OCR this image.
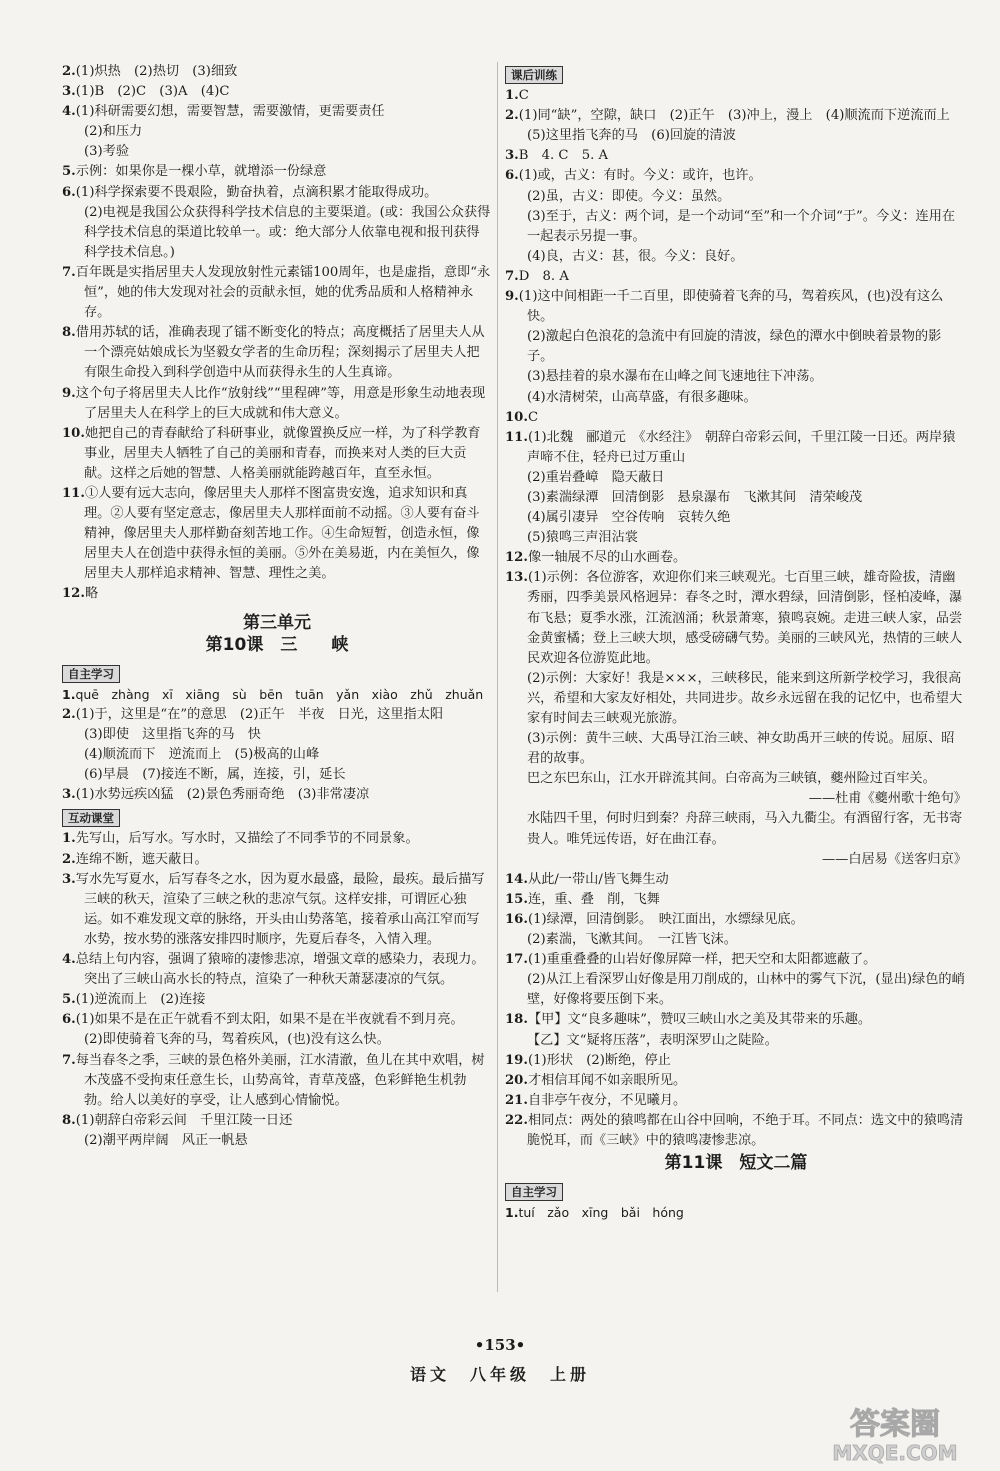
2.(1)炽热　(2)热切　(3)细致

3.(1)B　(2)C　(3)A　(4)C

4.(1)科研需要幻想，需要智慧，需要激情，更需要责任

(2)和压力

(3)考验

5.示例：如果你是一棵小草，就增添一份绿意

6.(1)科学探索要不畏艰险，勤奋执着，点滴积累才能取得成功。

(2)电视是我国公众获得科学技术信息的主要渠道。(或：我国公众获得科学技术信息的渠道比较单一。或：绝大部分人依靠电视和报刊获得科学技术信息。)

7.百年既是实指居里夫人发现放射性元素镭100周年，也是虚指，意即“永恒”，她的伟大发现对社会的贡献永恒，她的优秀品质和人格精神永存。

8.借用苏轼的话，准确表现了镭不断变化的特点；高度概括了居里夫人从一个漂亮姑娘成长为坚毅女学者的生命历程；深刻揭示了居里夫人把有限生命投入到科学创造中从而获得永生的人生真谛。

9.这个句子将居里夫人比作“放射线”“里程碑”等，用意是形象生动地表现了居里夫人在科学上的巨大成就和伟大意义。

10.她把自己的青春献给了科研事业，就像置换反应一样，为了科学教育事业，居里夫人牺牲了自己的美丽和青春，而换来对人类的巨大贡献。这样之后她的智慧、人格美丽就能跨越百年，直至永恒。

11.①人要有远大志向，像居里夫人那样不图富贵安逸，追求知识和真理。②人要有坚定意志，像居里夫人那样面前不动摇。③人要有奋斗精神，像居里夫人那样勤奋刻苦地工作。④生命短暂，创造永恒，像居里夫人在创造中获得永恒的美丽。⑤外在美易逝，内在美恒久，像居里夫人那样追求精神、智慧、理性之美。

12.略

第三单元
第10课　三　　峡
自主学习

1.quē　zhàng　xī　xiāng　sù　bēn　tuān　yǎn　xiào　zhǔ　zhuǎn

2.(1)于，这里是“在”的意思　(2)正午　半夜　日光，这里指太阳

(3)即使　这里指飞奔的马　快

(4)顺流而下　逆流而上　(5)极高的山峰

(6)早晨　(7)接连不断，属，连接，引，延长

3.(1)水势远疾凶猛　(2)景色秀丽奇绝　(3)非常凄凉

互动课堂

1.先写山，后写水。写水时，又描绘了不同季节的不同景象。

2.连绵不断，遮天蔽日。

3.写水先写夏水，后写春冬之水，因为夏水最盛，最险，最疾。最后描写三峡的秋天，渲染了三峡之秋的悲凉气氛。这样安排，可谓匠心独运。如不难发现文章的脉络，开头由山势落笔，接着承山高江窄而写水势，按水势的涨落安排四时顺序，先夏后春冬，入情入理。

4.总结上句内容，强调了猿啼的凄惨悲凉，增强文章的感染力，表现力。突出了三峡山高水长的特点，渲染了一种秋天萧瑟凄凉的气氛。

5.(1)逆流而上　(2)连接

6.(1)如果不是在正午就看不到太阳，如果不是在半夜就看不到月亮。

(2)即使骑着飞奔的马，驾着疾风，(也)没有这么快。

7.每当春冬之季，三峡的景色格外美丽，江水清澈，鱼儿在其中欢唱，树木茂盛不受拘束任意生长，山势高耸，青草茂盛，色彩鲜艳生机勃勃。给人以美好的享受，让人感到心情愉悦。

8.(1)朝辞白帝彩云间　千里江陵一日还

(2)潮平两岸阔　风正一帆悬

课后训练

1.C

2.(1)同“缺”，空隙，缺口　(2)正午　(3)冲上，漫上　(4)顺流而下逆流而上　(5)这里指飞奔的马　(6)回旋的清波

3.B　4. C　5. A

6.(1)或，古义：有时。今义：或许，也许。

(2)虽，古义：即使。今义：虽然。

(3)至于，古义：两个词，是一个动词“至”和一个介词“于”。今义：连用在一起表示另提一事。

(4)良，古义：甚，很。今义：良好。

7.D　8. A

9.(1)这中间相距一千二百里，即使骑着飞奔的马，驾着疾风，(也)没有这么快。

(2)激起白色浪花的急流中有回旋的清波，绿色的潭水中倒映着景物的影子。

(3)悬挂着的泉水瀑布在山峰之间飞速地往下冲荡。

(4)水清树荣，山高草盛，有很多趣味。

10.C

11.(1)北魏　郦道元　《水经注》　朝辞白帝彩云间，千里江陵一日还。两岸猿声啼不住，轻舟已过万重山

(2)重岩叠嶂　隐天蔽日

(3)素湍绿潭　回清倒影　悬泉瀑布　飞漱其间　清荣峻茂

(4)属引凄异　空谷传响　哀转久绝

(5)猿鸣三声泪沾裳

12.像一轴展不尽的山水画卷。

13.(1)示例：各位游客，欢迎你们来三峡观光。七百里三峡，雄奇险拔，清幽秀丽，四季美景风格迥异：春冬之时，潭水碧绿，回清倒影，怪柏凌峰，瀑布飞悬；夏季水涨，江流汹涌；秋景萧寒，猿鸣哀婉。走进三峡人家，品尝金黄蜜橘；登上三峡大坝，感受磅礴气势。美丽的三峡风光，热情的三峡人民欢迎各位游览此地。

(2)示例：大家好！我是×××，三峡移民，能来到这所新学校学习，我很高兴，希望和大家友好相处，共同进步。故乡永远留在我的记忆中，也希望大家有时间去三峡观光旅游。

(3)示例：黄牛三峡、大禹导江治三峡、神女助禹开三峡的传说。屈原、昭君的故事。

巴之东巴东山，江水开辟流其间。白帝高为三峡镇，夔州险过百牢关。

——杜甫《夔州歌十绝句》

水陆四千里，何时归到秦？舟辞三峡雨，马入九衢尘。有酒留行客，无书寄贵人。唯凭远传语，好在曲江春。

——白居易《送客归京》

14.从此/一带山/皆飞舞生动

15.连，重、叠　削，飞舞

16.(1)绿潭，回清倒影。　映江面出，水缥绿见底。

(2)素湍，飞漱其间。　一江皆飞沫。

17.(1)重重叠叠的山岩好像屏障一样，把天空和太阳都遮蔽了。

(2)从江上看深罗山好像是用刀削成的，山林中的雾气下沉，(显出)绿色的峭壁，好像将要压倒下来。

18.【甲】文“良多趣味”，赞叹三峡山水之美及其带来的乐趣。

【乙】文“疑将压落”，表明深罗山之陡险。

19.(1)形状　(2)断绝，停止

20.才相信耳闻不如亲眼所见。

21.自非亭午夜分，不见曦月。

22.相同点：两处的猿鸣都在山谷中回响，不绝于耳。不同点：选文中的猿鸣清脆悦耳，而《三峡》中的猿鸣凄惨悲凉。

第11课　短文二篇
自主学习

1.tuí　zǎo　xīng　bǎi　hóng

•153•
语文　八年级　上册
答案圈
MXQE.COM
